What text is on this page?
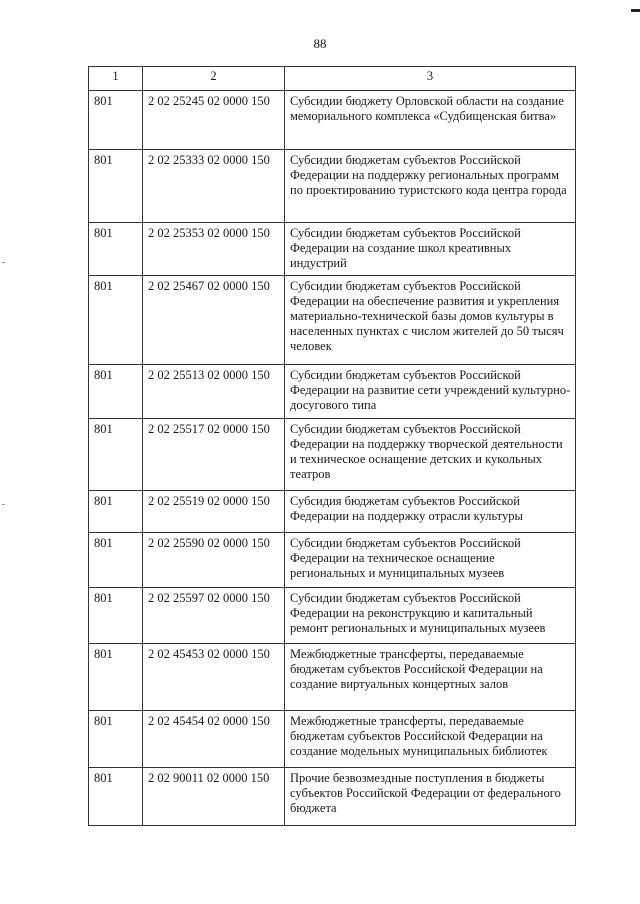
88
1	2	3
801	2 02 25245 02 0000 150	Субсидии бюджету Орловской области на создание мемориального комплекса «Судбищенская битва»
801	2 02 25333 02 0000 150	Субсидии бюджетам субъектов Российской Федерации на поддержку региональных программ по проектированию туристского кода центра города
801	2 02 25353 02 0000 150	Субсидии бюджетам субъектов Российской Федерации на создание школ креативных индустрий
801	2 02 25467 02 0000 150	Субсидии бюджетам субъектов Российской Федерации на обеспечение развития и укрепления материально-технической базы домов культуры в населенных пунктах с числом жителей до 50 тысяч человек
801	2 02 25513 02 0000 150	Субсидии бюджетам субъектов Российской Федерации на развитие сети учреждений культурно-досугового типа
801	2 02 25517 02 0000 150	Субсидии бюджетам субъектов Российской Федерации на поддержку творческой деятельности и техническое оснащение детских и кукольных театров
801	2 02 25519 02 0000 150	Субсидия бюджетам субъектов Российской Федерации на поддержку отрасли культуры
801	2 02 25590 02 0000 150	Субсидии бюджетам субъектов Российской Федерации на техническое оснащение региональных и муниципальных музеев
801	2 02 25597 02 0000 150	Субсидии бюджетам субъектов Российской Федерации на реконструкцию и капитальный ремонт региональных и муниципальных музеев
801	2 02 45453 02 0000 150	Межбюджетные трансферты, передаваемые бюджетам субъектов Российской Федерации на создание виртуальных концертных залов
801	2 02 45454 02 0000 150	Межбюджетные трансферты, передаваемые бюджетам субъектов Российской Федерации на создание модельных муниципальных библиотек
801	2 02 90011 02 0000 150	Прочие безвозмездные поступления в бюджеты субъектов Российской Федерации от федерального бюджета
